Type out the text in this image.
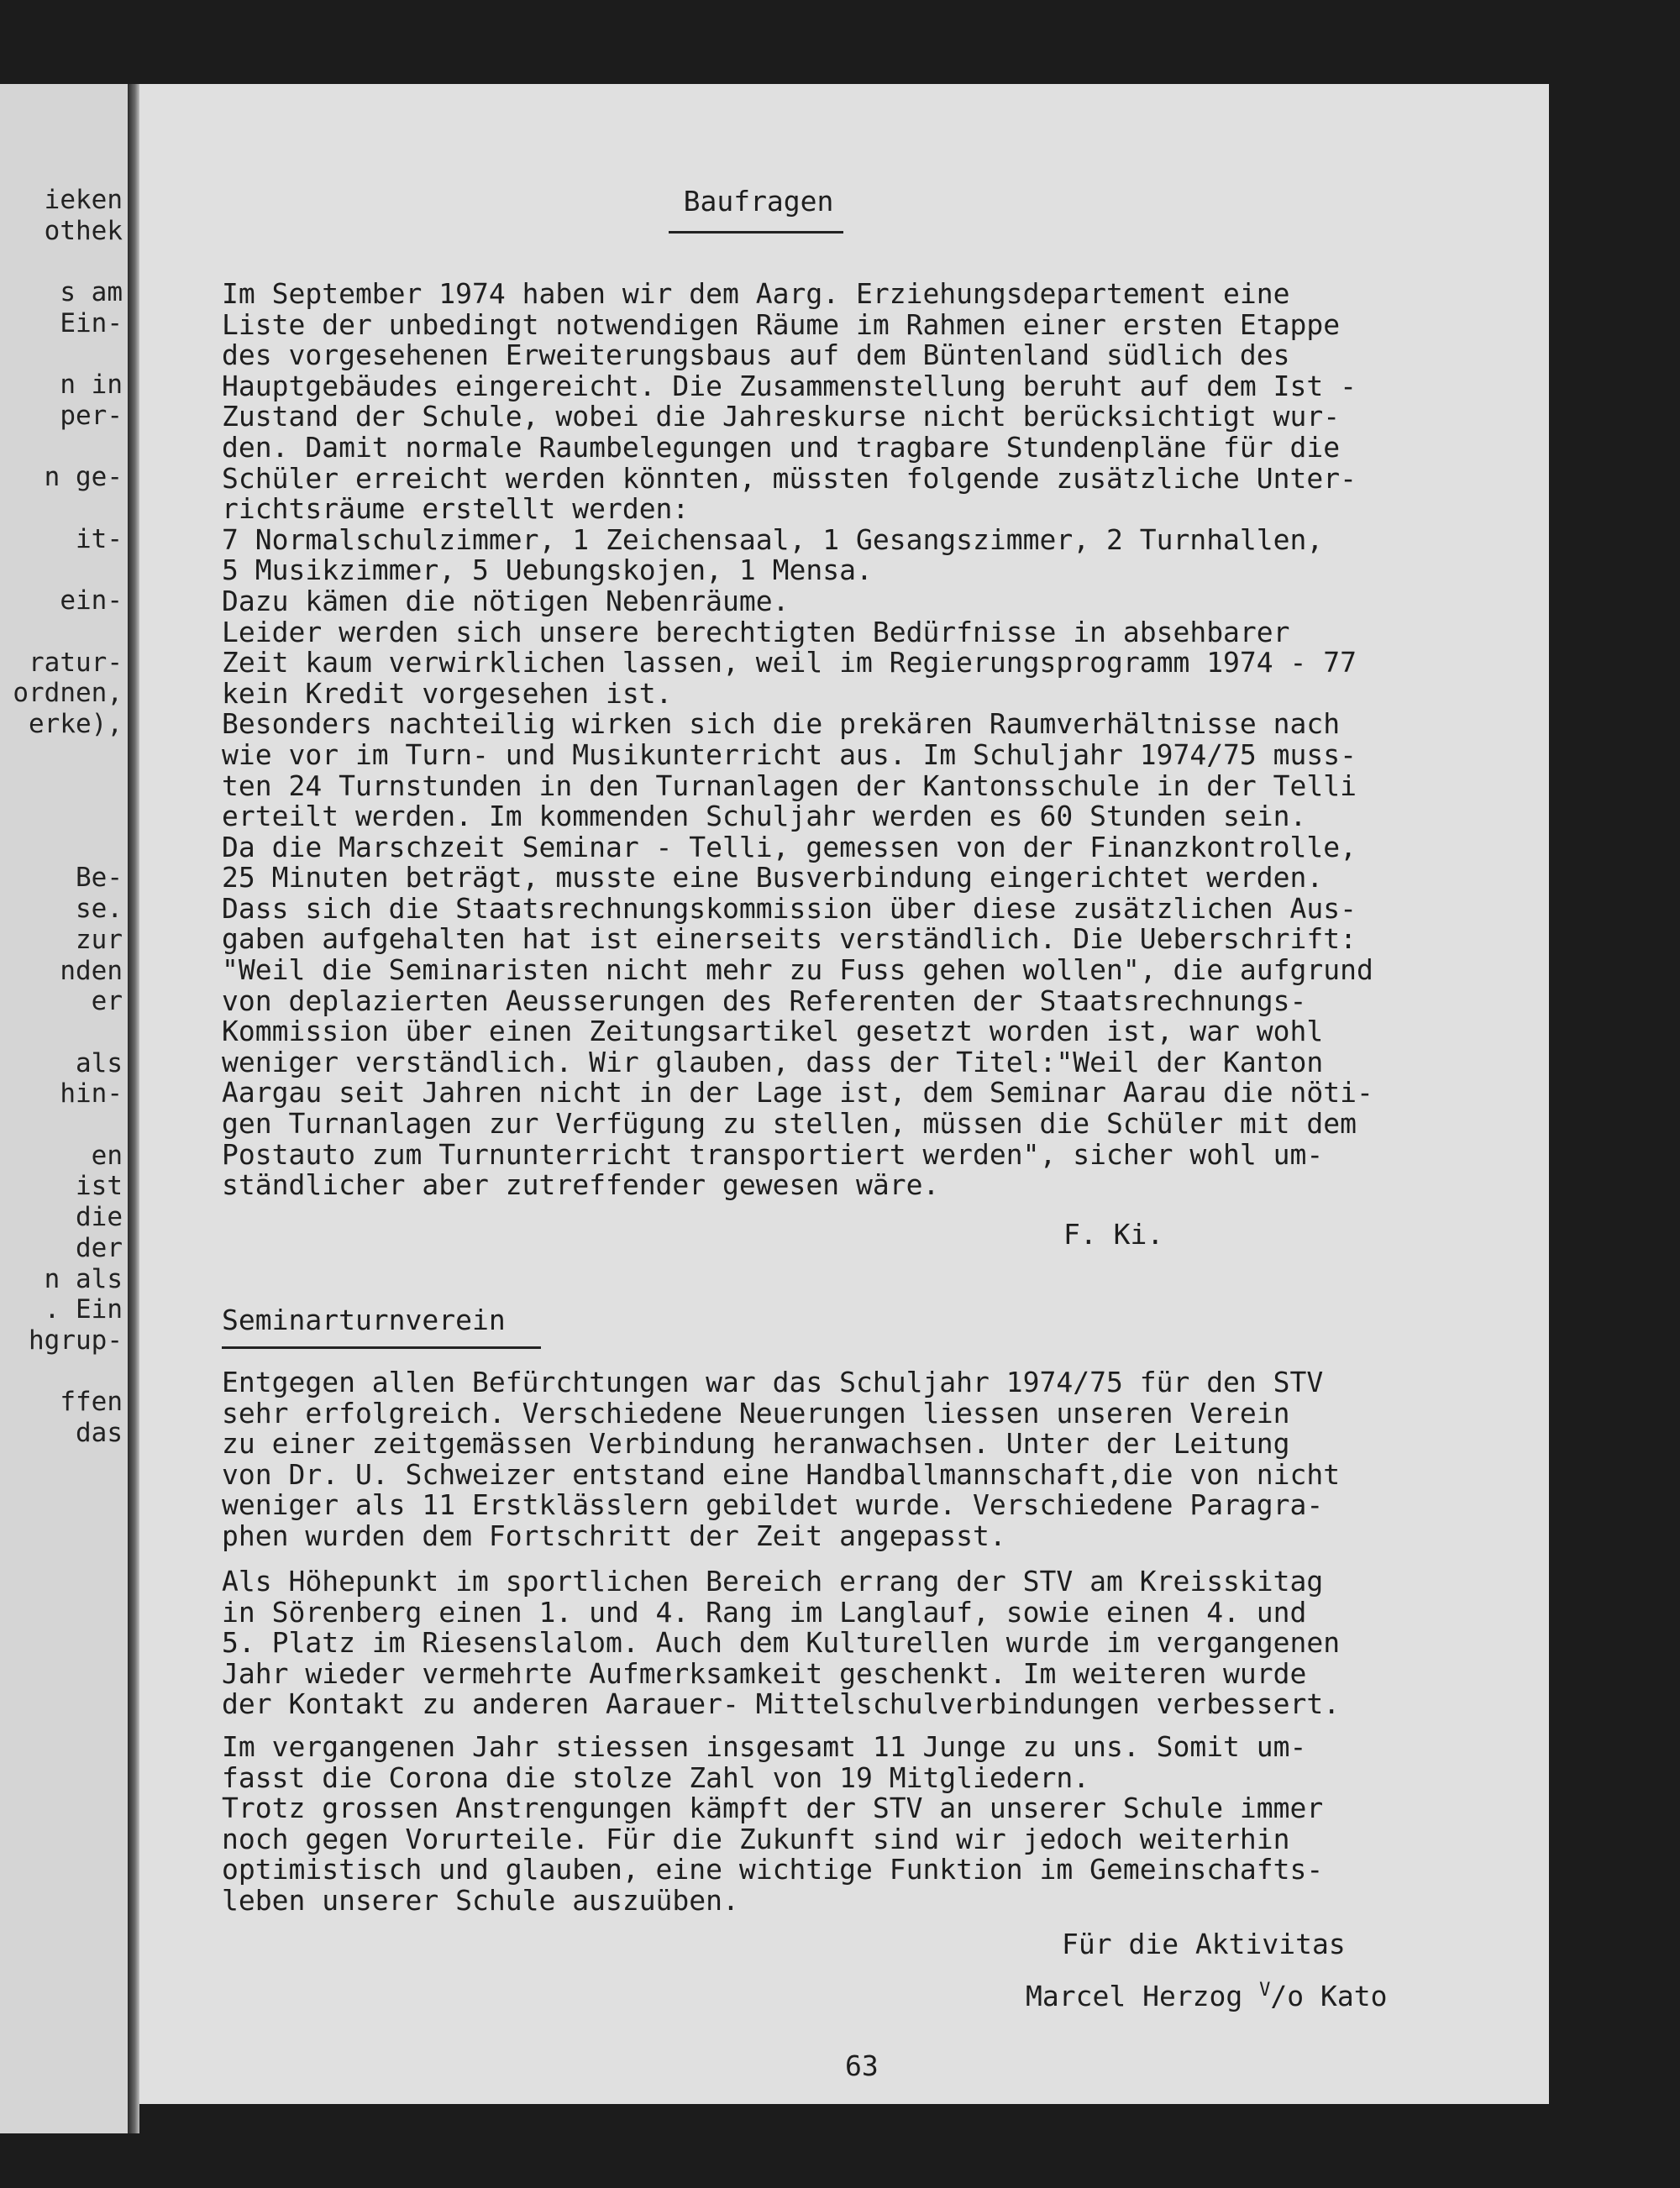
ieken

othek

s am

Ein-

n in

per-

n ge-

it-

ein-

ratur-

ordnen,

erke),

Be-

se.

zur

nden

er

als

hin-

en

ist

die

der

n als

. Ein

hgrup-

ffen

das

Baufragen

Im September 1974 haben wir dem Aarg. Erziehungsdepartement eine
Liste der unbedingt notwendigen Räume im Rahmen einer ersten Etappe
des vorgesehenen Erweiterungsbaus auf dem Büntenland südlich des
Hauptgebäudes eingereicht. Die Zusammenstellung beruht auf dem Ist -
Zustand der Schule, wobei die Jahreskurse nicht berücksichtigt wur-
den. Damit normale Raumbelegungen und tragbare Stundenpläne für die
Schüler erreicht werden könnten, müssten folgende zusätzliche Unter-
richtsräume erstellt werden:
7 Normalschulzimmer, 1 Zeichensaal, 1 Gesangszimmer, 2 Turnhallen,
5 Musikzimmer, 5 Uebungskojen, 1 Mensa.
Dazu kämen die nötigen Nebenräume.
Leider werden sich unsere berechtigten Bedürfnisse in absehbarer
Zeit kaum verwirklichen lassen, weil im Regierungsprogramm 1974 - 77
kein Kredit vorgesehen ist.
Besonders nachteilig wirken sich die prekären Raumverhältnisse nach
wie vor im Turn- und Musikunterricht aus. Im Schuljahr 1974/75 muss-
ten 24 Turnstunden in den Turnanlagen der Kantonsschule in der Telli
erteilt werden. Im kommenden Schuljahr werden es 60 Stunden sein.
Da die Marschzeit Seminar - Telli, gemessen von der Finanzkontrolle,
25 Minuten beträgt, musste eine Busverbindung eingerichtet werden.
Dass sich die Staatsrechnungskommission über diese zusätzlichen Aus-
gaben aufgehalten hat ist einerseits verständlich. Die Ueberschrift:
"Weil die Seminaristen nicht mehr zu Fuss gehen wollen", die aufgrund
von deplazierten Aeusserungen des Referenten der Staatsrechnungs-
Kommission über einen Zeitungsartikel gesetzt worden ist, war wohl
weniger verständlich. Wir glauben, dass der Titel:"Weil der Kanton
Aargau seit Jahren nicht in der Lage ist, dem Seminar Aarau die nöti-
gen Turnanlagen zur Verfügung zu stellen, müssen die Schüler mit dem
Postauto zum Turnunterricht transportiert werden", sicher wohl um-
ständlicher aber zutreffender gewesen wäre.

F. Ki.

Seminarturnverein

Entgegen allen Befürchtungen war das Schuljahr 1974/75 für den STV
sehr erfolgreich. Verschiedene Neuerungen liessen unseren Verein
zu einer zeitgemässen Verbindung heranwachsen. Unter der Leitung
von Dr. U. Schweizer entstand eine Handballmannschaft,die von nicht
weniger als 11 Erstklässlern gebildet wurde. Verschiedene Paragra-
phen wurden dem Fortschritt der Zeit angepasst.

Als Höhepunkt im sportlichen Bereich errang der STV am Kreisskitag
in Sörenberg einen 1. und 4. Rang im Langlauf, sowie einen 4. und
5. Platz im Riesenslalom. Auch dem Kulturellen wurde im vergangenen
Jahr wieder vermehrte Aufmerksamkeit geschenkt. Im weiteren wurde
der Kontakt zu anderen Aarauer- Mittelschulverbindungen verbessert.

Im vergangenen Jahr stiessen insgesamt 11 Junge zu uns. Somit um-
fasst die Corona die stolze Zahl von 19 Mitgliedern.
Trotz grossen Anstrengungen kämpft der STV an unserer Schule immer
noch gegen Vorurteile. Für die Zukunft sind wir jedoch weiterhin
optimistisch und glauben, eine wichtige Funktion im Gemeinschafts-
leben unserer Schule auszuüben.

Für die Aktivitas

Marcel Herzog $^V$/o Kato

63
